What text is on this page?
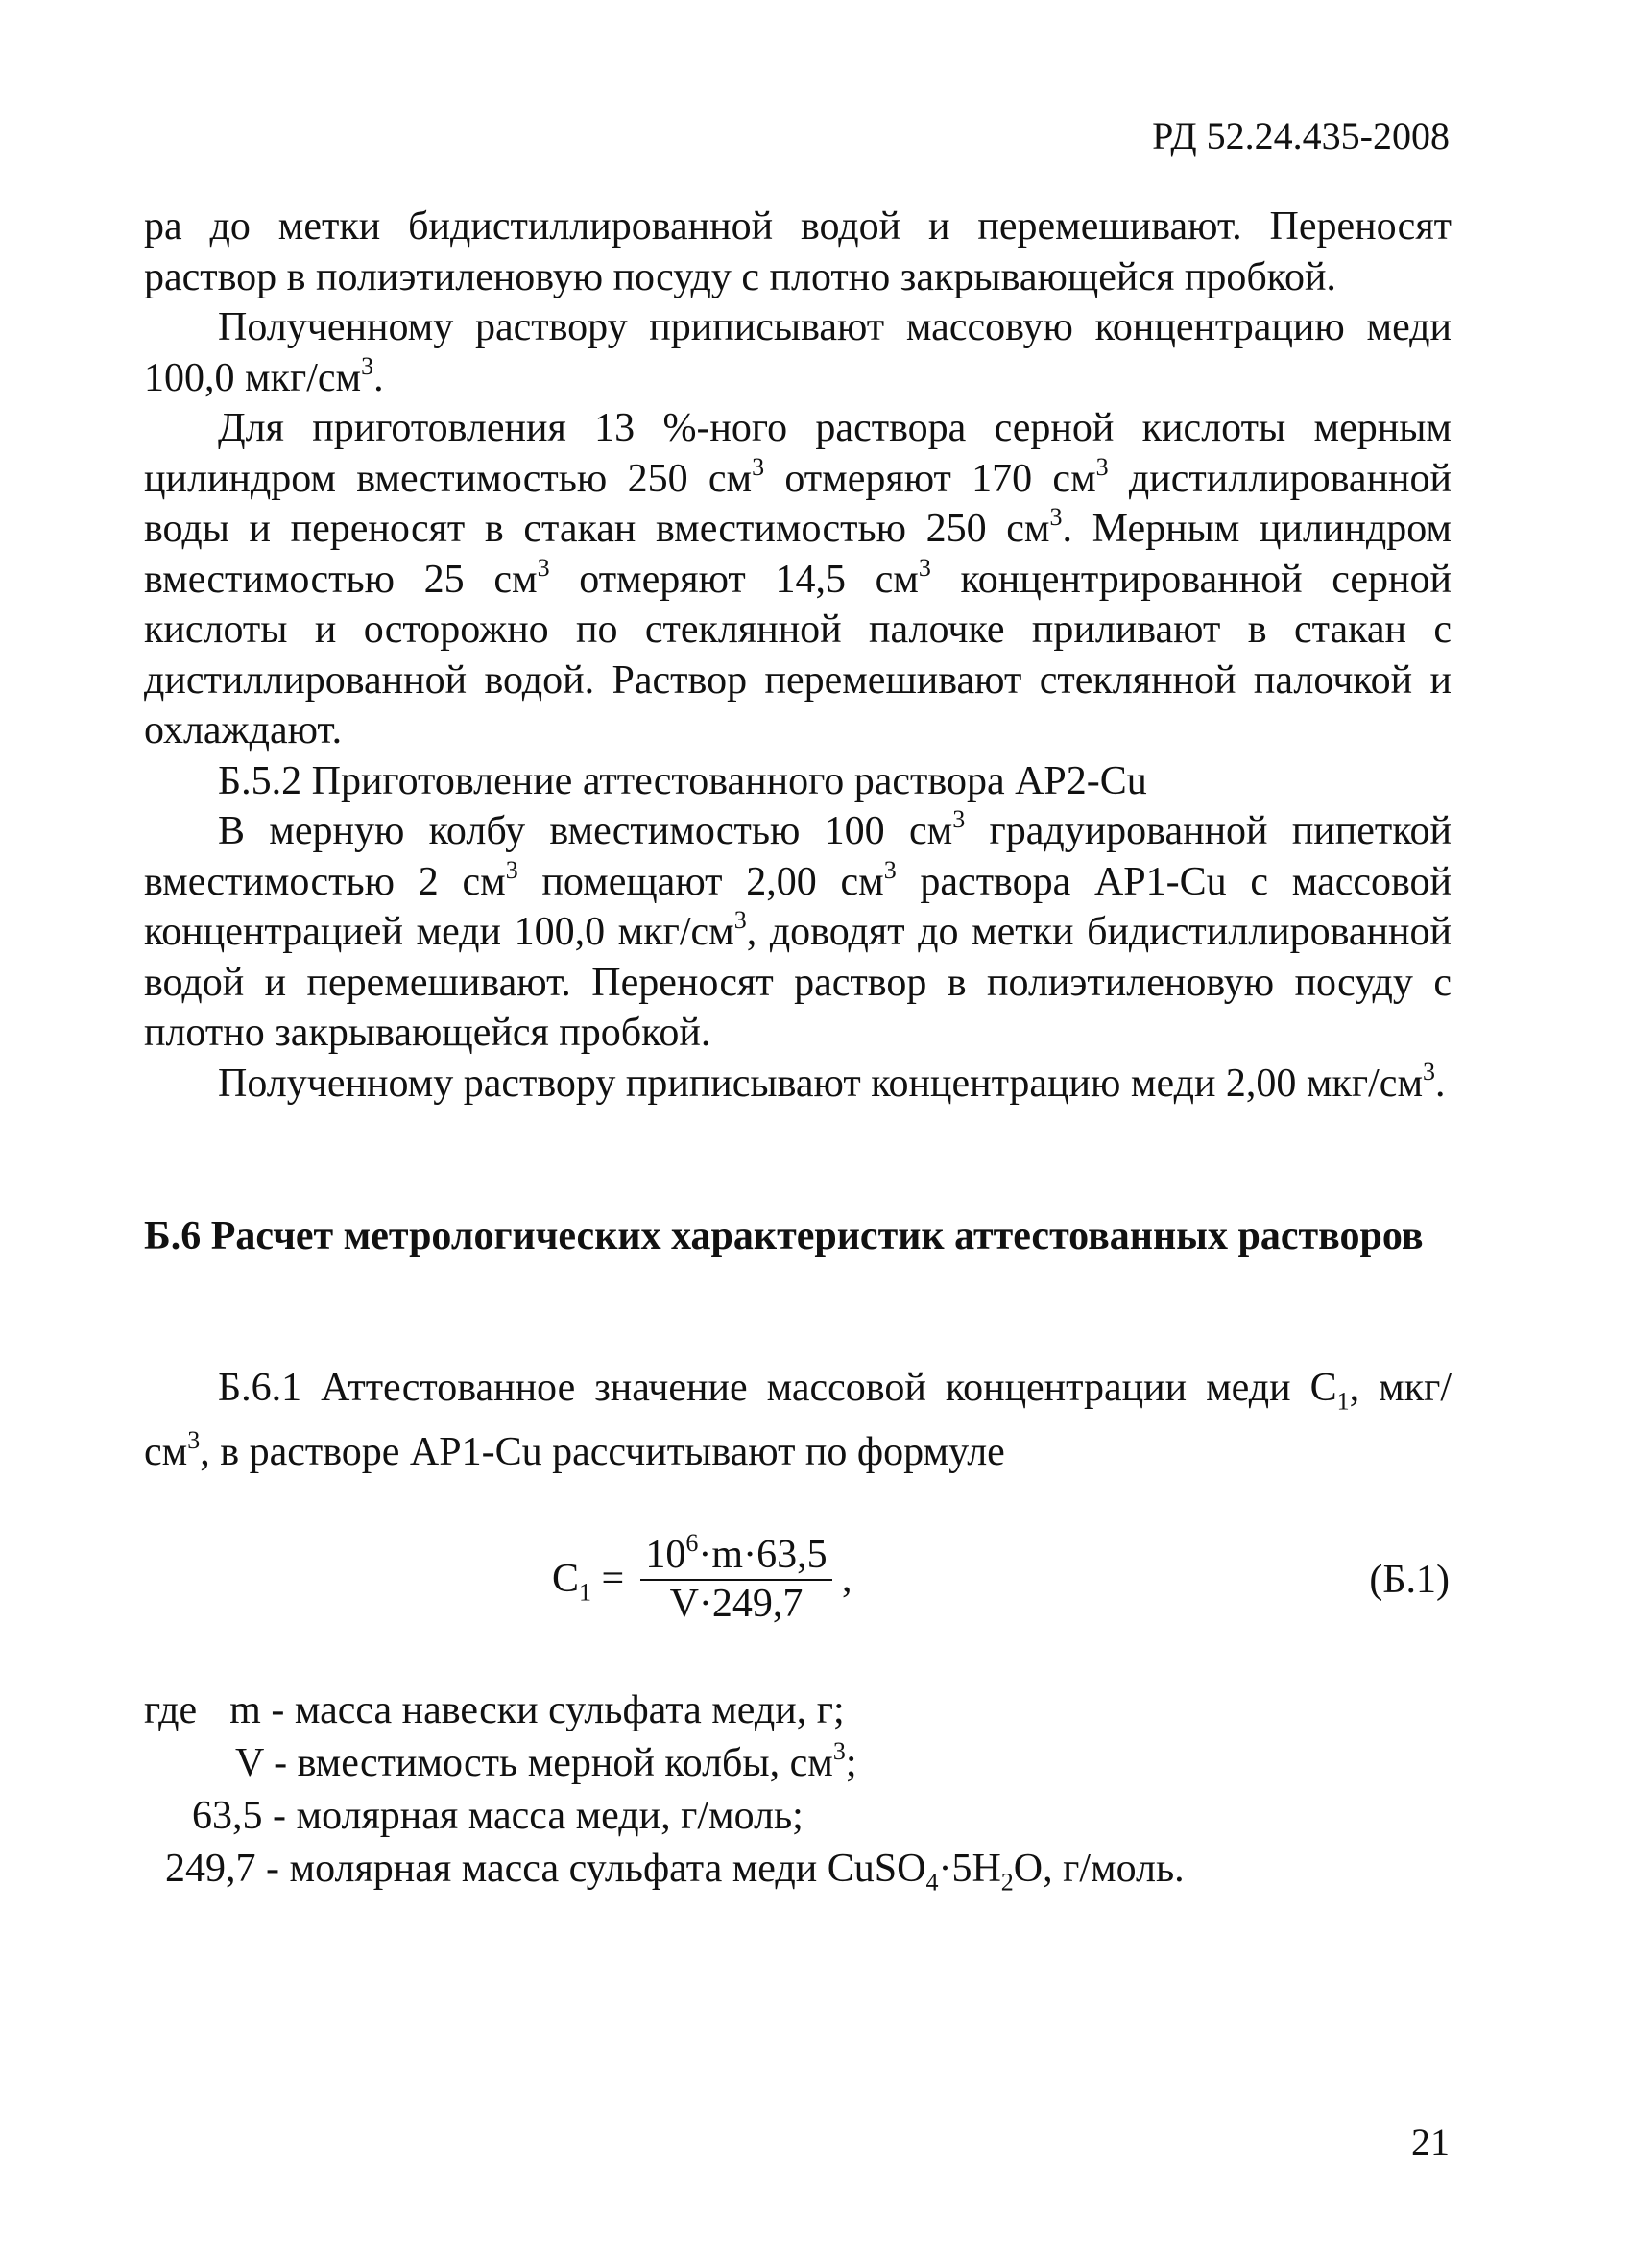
РД 52.24.435-2008

ра до метки бидистиллированной водой и перемешивают. Переносят раствор в полиэтиленовую посуду с плотно закрывающейся пробкой.

Полученному раствору приписывают массовую концентрацию меди 100,0 мкг/$см^3$.

Для приготовления 13 %-ного раствора серной кислоты мерным цилиндром вместимостью 250 $см^3$ отмеряют 170 $см^3$ дистиллированной воды и переносят в стакан вместимостью 250 $см^3$. Мерным цилиндром вместимостью 25 $см^3$ отмеряют 14,5 $см^3$ концентрированной серной кислоты и осторожно по стеклянной палочке приливают в стакан с дистиллированной водой. Раствор перемешивают стеклянной палочкой и охлаждают.

Б.5.2 Приготовление аттестованного раствора АР2-Cu

В мерную колбу вместимостью 100 $см^3$ градуированной пипеткой вместимостью 2 $см^3$ помещают 2,00 $см^3$ раствора АР1-Cu с массовой концентрацией меди 100,0 мкг/$см^3$, доводят до метки бидистиллированной водой и перемешивают. Переносят раствор в полиэтиленовую посуду с плотно закрывающейся пробкой.

Полученному раствору приписывают концентрацию меди 2,00 мкг/$см^3$.

Б.6 Расчет метрологических характеристик аттестованных растворов

Б.6.1 Аттестованное значение массовой концентрации меди $С_1$, мкг/$см^3$, в растворе АР1-Cu рассчитывают по формуле

$С_1 = \frac{10^6\cdot m\cdot 63,5}{V\cdot 249,7}$ ,	(Б.1)
где m - масса навески сульфата меди, г;
V - вместимость мерной колбы, $см^3$;
63,5 - молярная масса меди, г/моль;
249,7 - молярная масса сульфата меди $CuSO_4\cdot 5H_2O$, г/моль.
21
